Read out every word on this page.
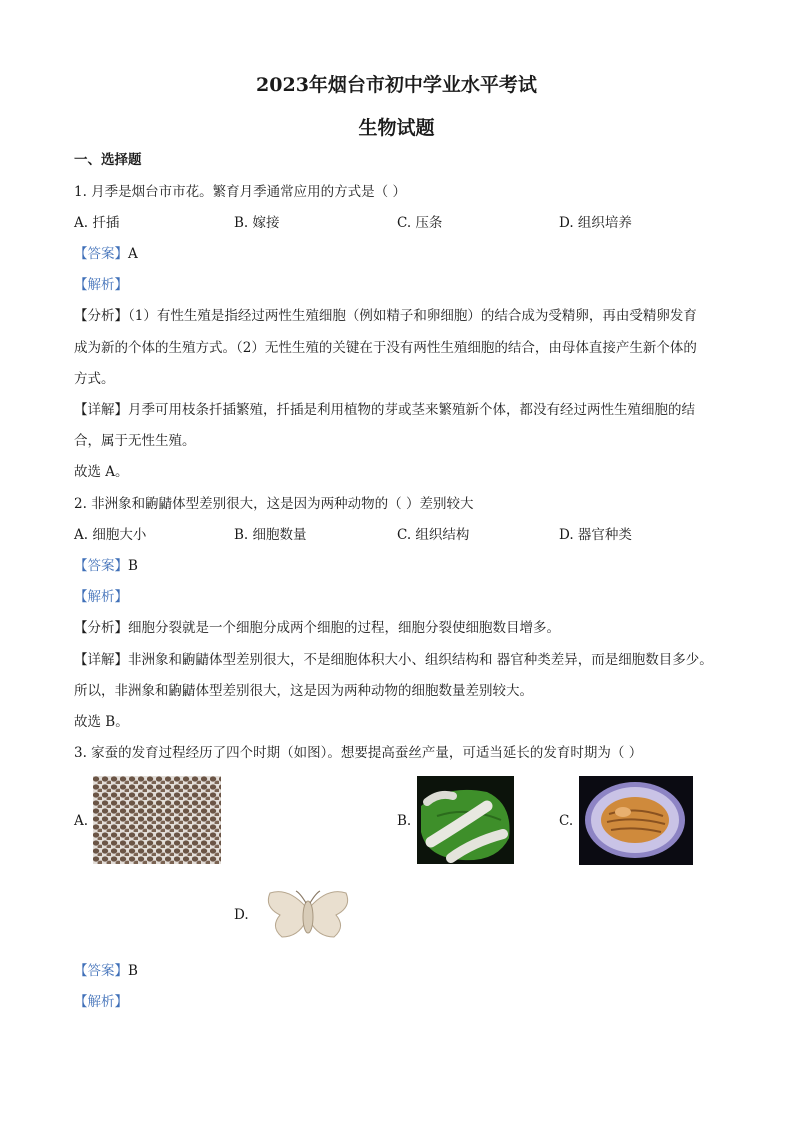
2023年烟台市初中学业水平考试
生物试题
一、选择题
1. 月季是烟台市市花。繁育月季通常应用的方式是（ ）
A. 扦插	B. 嫁接	C. 压条	D. 组织培养
【答案】A
【解析】
【分析】（1）有性生殖是指经过两性生殖细胞（例如精子和卵细胞）的结合成为受精卵，再由受精卵发育
成为新的个体的生殖方式。（2）无性生殖的关键在于没有两性生殖细胞的结合，由母体直接产生新个体的
方式。
【详解】月季可用枝条扦插繁殖，扦插是利用植物的芽或茎来繁殖新个体，都没有经过两性生殖细胞的结
合，属于无性生殖。
故选 A。
2. 非洲象和鼩鼱体型差别很大，这是因为两种动物的（ ）差别较大
A. 细胞大小	B. 细胞数量	C. 组织结构	D. 器官种类
【答案】B
【解析】
【分析】细胞分裂就是一个细胞分成两个细胞的过程，细胞分裂使细胞数目增多。
【详解】非洲象和鼩鼱体型差别很大，不是细胞体积大小、组织结构和 器官种类差异，而是细胞数目多少。
所以，非洲象和鼩鼱体型差别很大，这是因为两种动物的细胞数量差别较大。
故选 B。
3. 家蚕的发育过程经历了四个时期（如图）。想要提高蚕丝产量，可适当延长的发育时期为（ ）
A.	B.	C.
D.
【答案】B
【解析】
